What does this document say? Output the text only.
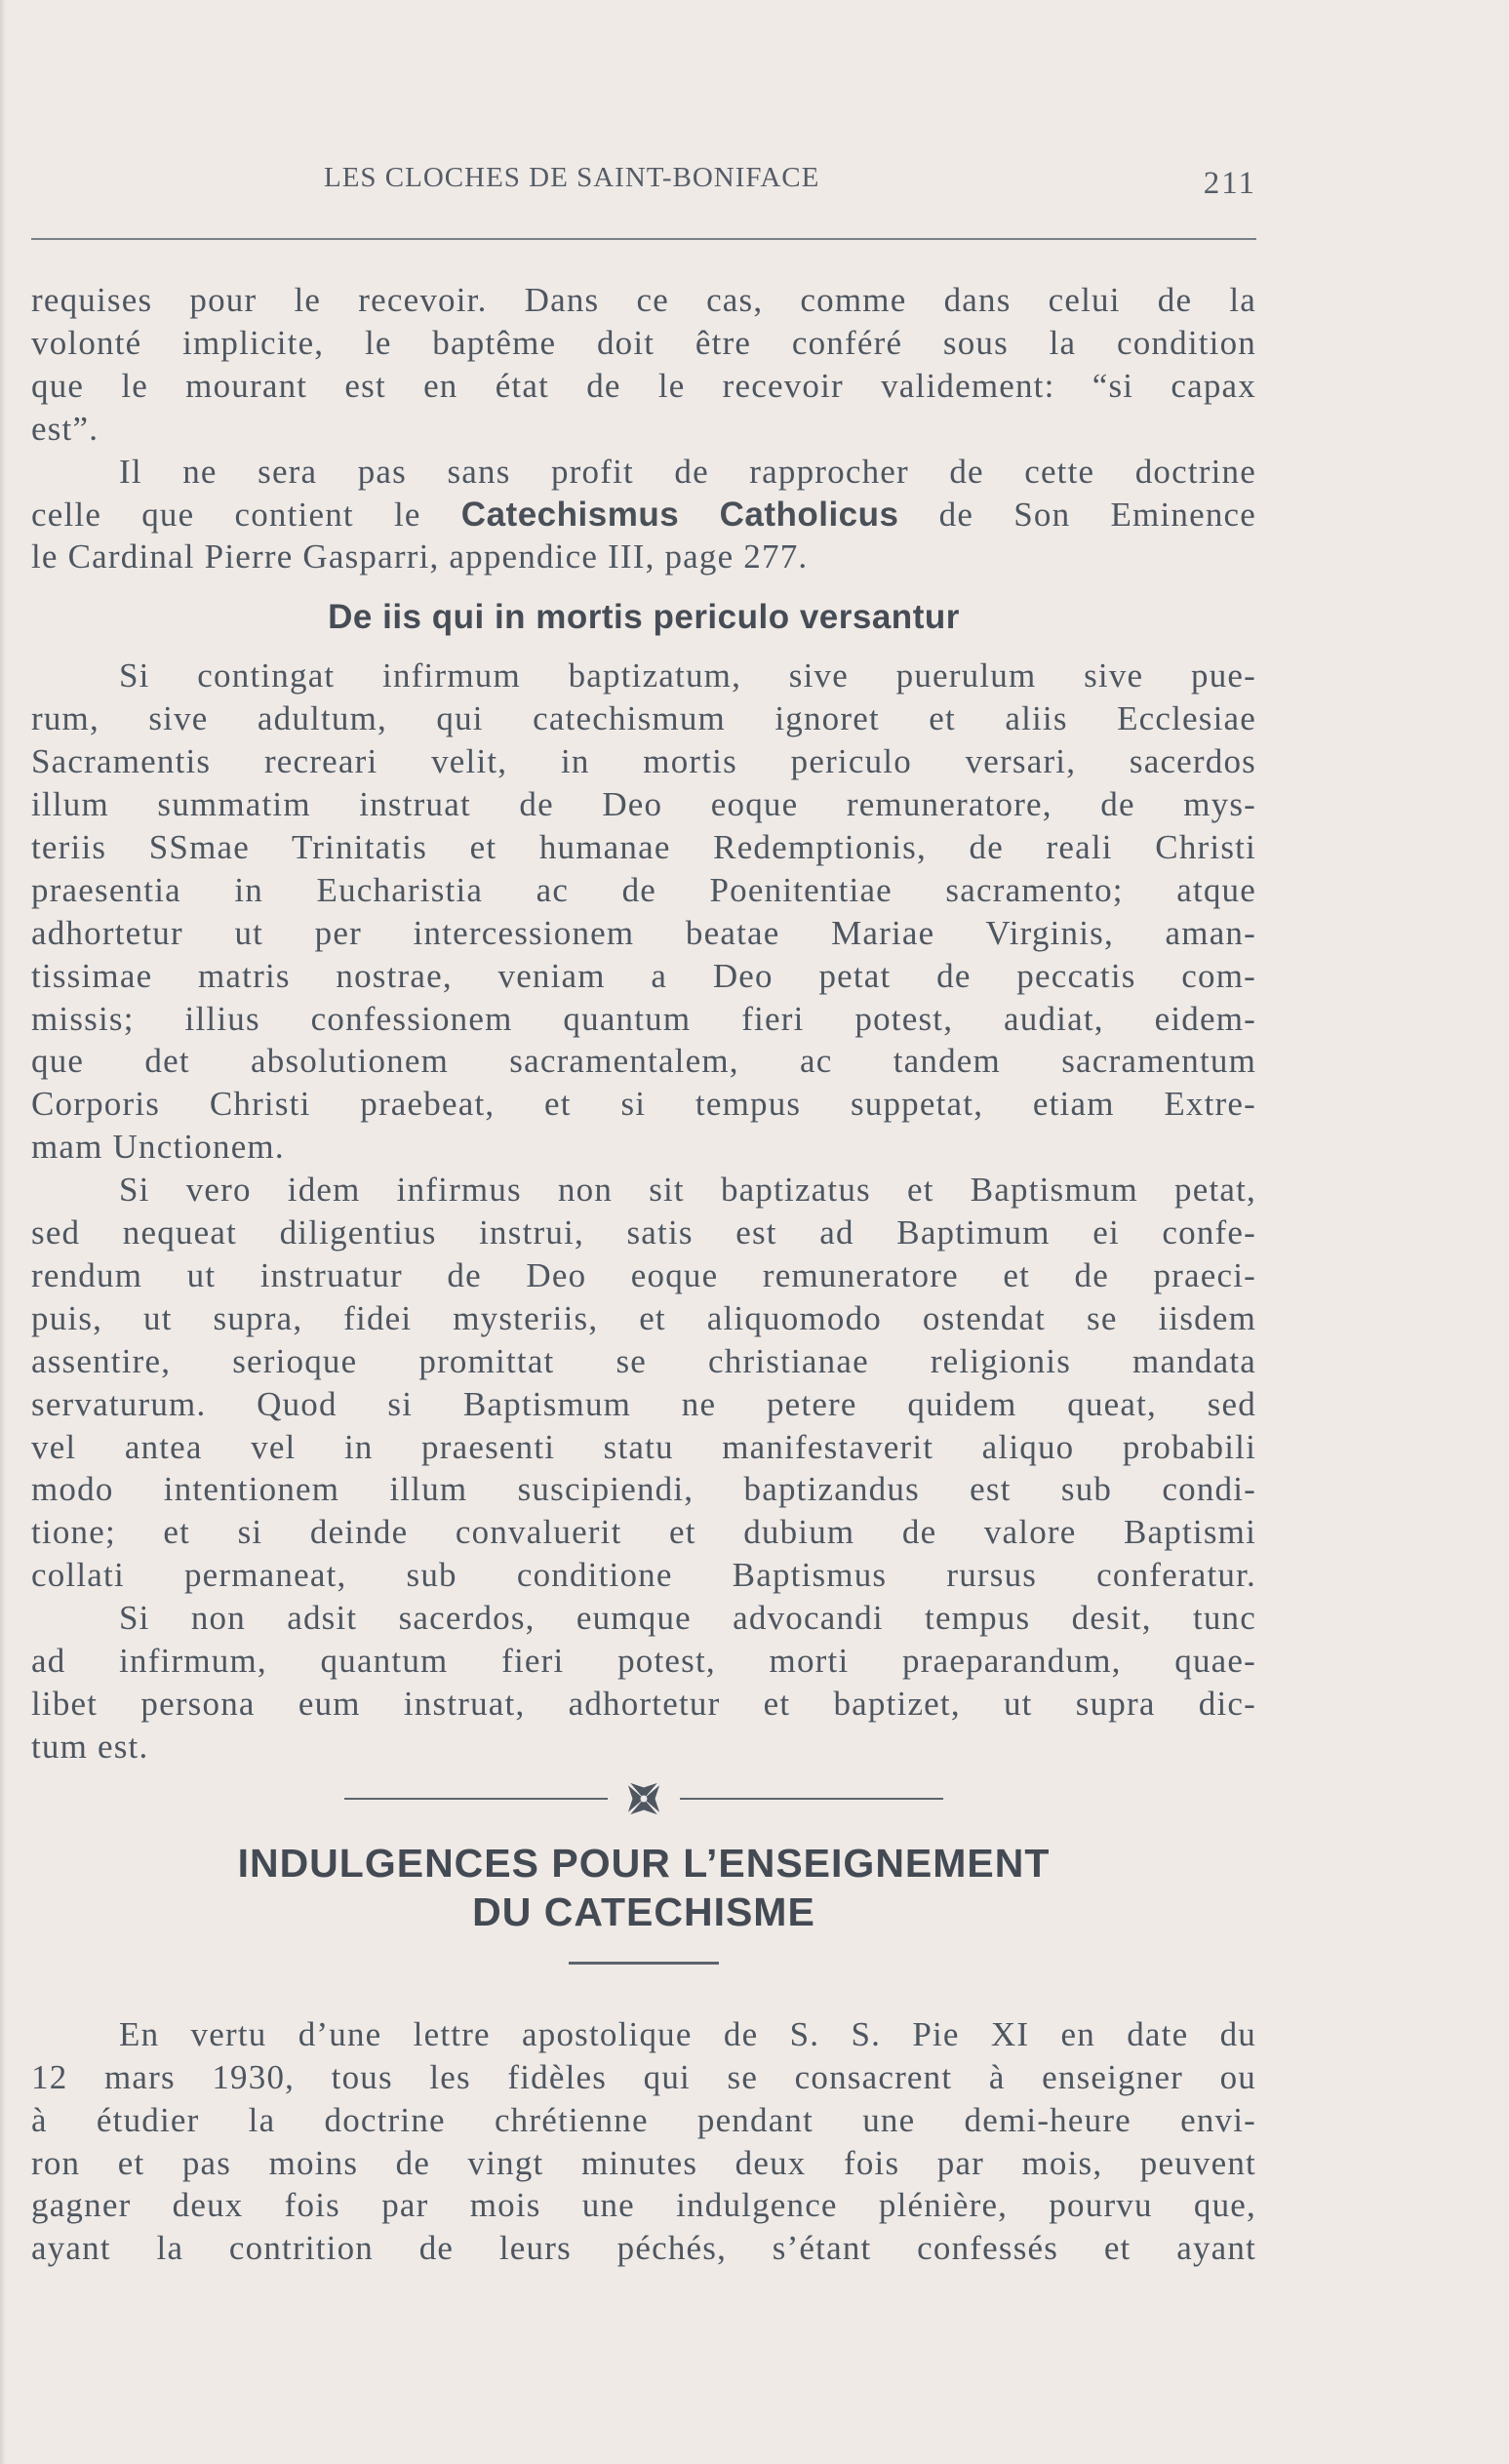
LES CLOCHES DE SAINT-BONIFACE	211
requises pour le recevoir. Dans ce cas, comme dans celui de la
volonté implicite, le baptême doit être conféré sous la condition
que le mourant est en état de le recevoir validement: “si capax
est”.
Il ne sera pas sans profit de rapprocher de cette doctrine
celle que contient le Catechismus Catholicus de Son Eminence
le Cardinal Pierre Gasparri, appendice III, page 277.
De iis qui in mortis periculo versantur
Si contingat infirmum baptizatum, sive puerulum sive pue-
rum, sive adultum, qui catechismum ignoret et aliis Ecclesiae
Sacramentis recreari velit, in mortis periculo versari, sacerdos
illum summatim instruat de Deo eoque remuneratore, de mys-
teriis SSmae Trinitatis et humanae Redemptionis, de reali Christi
praesentia in Eucharistia ac de Poenitentiae sacramento; atque
adhortetur ut per intercessionem beatae Mariae Virginis, aman-
tissimae matris nostrae, veniam a Deo petat de peccatis com-
missis; illius confessionem quantum fieri potest, audiat, eidem-
que det absolutionem sacramentalem, ac tandem sacramentum
Corporis Christi praebeat, et si tempus suppetat, etiam Extre-
mam Unctionem.
Si vero idem infirmus non sit baptizatus et Baptismum petat,
sed nequeat diligentius instrui, satis est ad Baptimum ei confe-
rendum ut instruatur de Deo eoque remuneratore et de praeci-
puis, ut supra, fidei mysteriis, et aliquomodo ostendat se iisdem
assentire, serioque promittat se christianae religionis mandata
servaturum. Quod si Baptismum ne petere quidem queat, sed
vel antea vel in praesenti statu manifestaverit aliquo probabili
modo intentionem illum suscipiendi, baptizandus est sub condi-
tione; et si deinde convaluerit et dubium de valore Baptismi
collati permaneat, sub conditione Baptismus rursus conferatur.
Si non adsit sacerdos, eumque advocandi tempus desit, tunc
ad infirmum, quantum fieri potest, morti praeparandum, quae-
libet persona eum instruat, adhortetur et baptizet, ut supra dic-
tum est.
INDULGENCES POUR L’ENSEIGNEMENT
DU CATECHISME
En vertu d’une lettre apostolique de S. S. Pie XI en date du
12 mars 1930, tous les fidèles qui se consacrent à enseigner ou
à étudier la doctrine chrétienne pendant une demi-heure envi-
ron et pas moins de vingt minutes deux fois par mois, peuvent
gagner deux fois par mois une indulgence plénière, pourvu que,
ayant la contrition de leurs péchés, s’étant confessés et ayant
